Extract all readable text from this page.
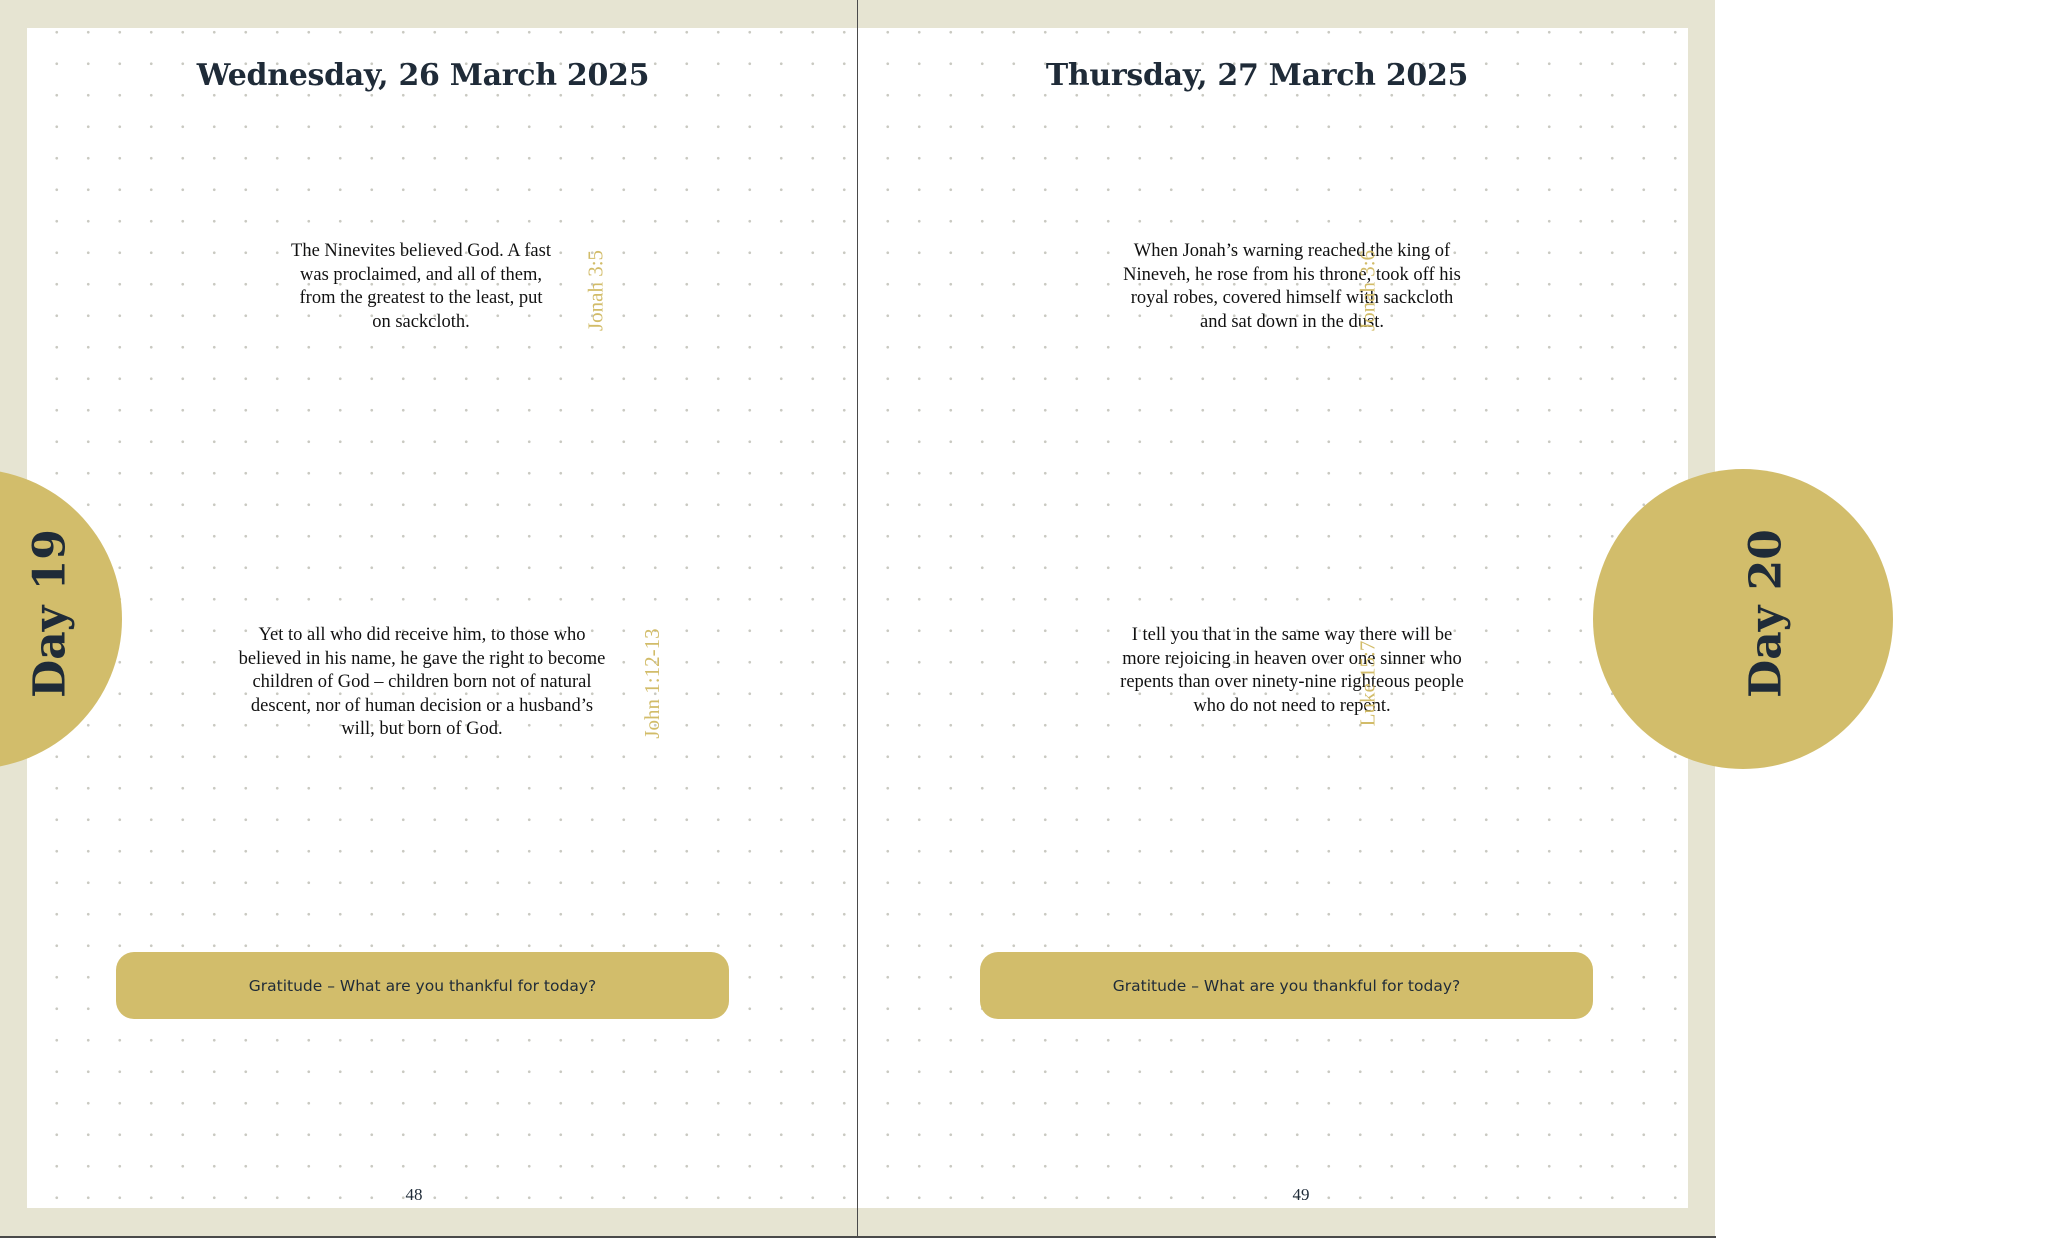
Wednesday, 26 March 2025
The Ninevites believed God. A fast was proclaimed, and all of them, from the greatest to the least, put on sackcloth.	Jonah 3:5
Yet to all who did receive him, to those who believed in his name, he gave the right to become children of God – children born not of natural descent, nor of human decision or a husband’s will, but born of God.	John 1:12-13
Day 19
Gratitude – What are you thankful for today?
48
Thursday, 27 March 2025
When Jonah’s warning reached the king of Nineveh, he rose from his throne, took off his royal robes, covered himself with sackcloth and sat down in the dust.
Jonah 3:6
I tell you that in the same way there will be more rejoicing in heaven over one sinner who repents than over ninety-nine righteous people who do not need to repent.
Luke 15:7	Day 20
Gratitude – What are you thankful for today?
49
